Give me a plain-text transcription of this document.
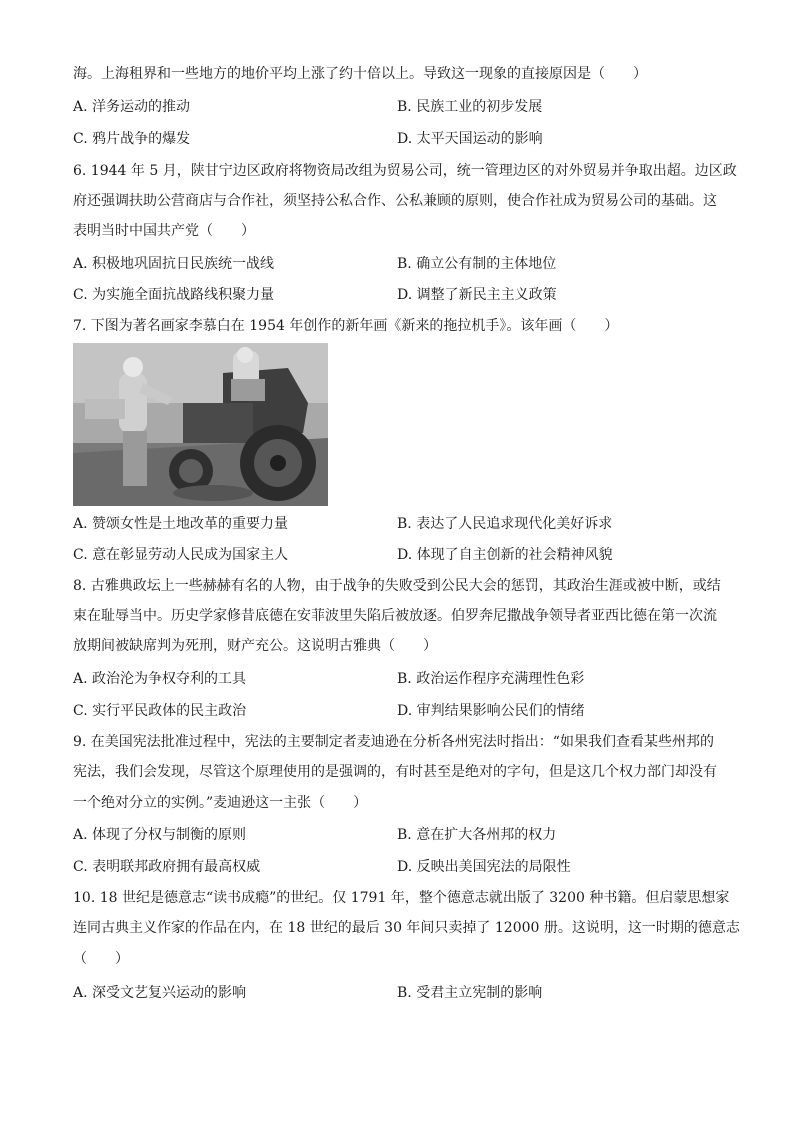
海。上海租界和一些地方的地价平均上涨了约十倍以上。导致这一现象的直接原因是（　　）
A. 洋务运动的推动	B. 民族工业的初步发展
C. 鸦片战争的爆发	D. 太平天国运动的影响
6. 1944 年 5 月，陕甘宁边区政府将物资局改组为贸易公司，统一管理边区的对外贸易并争取出超。边区政
府还强调扶助公营商店与合作社，须坚持公私合作、公私兼顾的原则，使合作社成为贸易公司的基础。这
表明当时中国共产党（　　）
A. 积极地巩固抗日民族统一战线	B. 确立公有制的主体地位
C. 为实施全面抗战路线积聚力量	D. 调整了新民主主义政策
7. 下图为著名画家李慕白在 1954 年创作的新年画《新来的拖拉机手》。该年画（　　）
A. 赞颂女性是土地改革的重要力量	B. 表达了人民追求现代化美好诉求
C. 意在彰显劳动人民成为国家主人	D. 体现了自主创新的社会精神风貌
8. 古雅典政坛上一些赫赫有名的人物，由于战争的失败受到公民大会的惩罚，其政治生涯或被中断，或结
束在耻辱当中。历史学家修昔底德在安菲波里失陷后被放逐。伯罗奔尼撒战争领导者亚西比德在第一次流
放期间被缺席判为死刑，财产充公。这说明古雅典（　　）
A. 政治沦为争权夺利的工具	B. 政治运作程序充满理性色彩
C. 实行平民政体的民主政治	D. 审判结果影响公民们的情绪
9. 在美国宪法批准过程中，宪法的主要制定者麦迪逊在分析各州宪法时指出：“如果我们查看某些州邦的
宪法，我们会发现，尽管这个原理使用的是强调的，有时甚至是绝对的字句，但是这几个权力部门却没有
一个绝对分立的实例。”麦迪逊这一主张（　　）
A. 体现了分权与制衡的原则	B. 意在扩大各州邦的权力
C. 表明联邦政府拥有最高权威	D. 反映出美国宪法的局限性
10. 18 世纪是德意志“读书成瘾”的世纪。仅 1791 年，整个德意志就出版了 3200 种书籍。但启蒙思想家
连同古典主义作家的作品在内，在 18 世纪的最后 30 年间只卖掉了 12000 册。这说明，这一时期的德意志
（　　）
A. 深受文艺复兴运动的影响	B. 受君主立宪制的影响
